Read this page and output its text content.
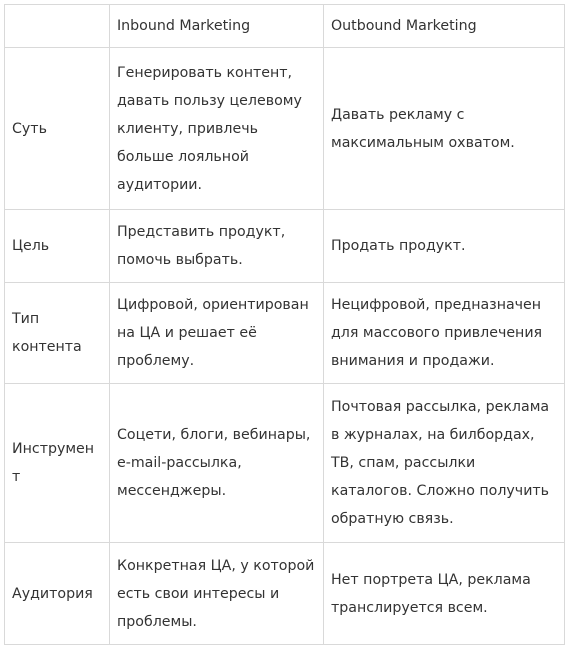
	Inbound Marketing	Outbound Marketing
Суть	Генерировать контент, давать пользу целевому клиенту, привлечь больше лояльной аудитории.	Давать рекламу с максимальным охватом.
Цель	Представить продукт, помочь выбрать.	Продать продукт.
Тип контента	Цифровой, ориентирован на ЦА и решает её проблему.	Нецифровой, предназначен для массового привлечения внимания и продажи.
Инструмент	Соцети, блоги, вебинары, e-mail-рассылка, мессенджеры.	Почтовая рассылка, реклама в журналах, на билбордах, ТВ, спам, рассылки каталогов. Сложно получить обратную связь.
Аудитория	Конкретная ЦА, у которой есть свои интересы и проблемы.	Нет портрета ЦА, реклама транслируется всем.
